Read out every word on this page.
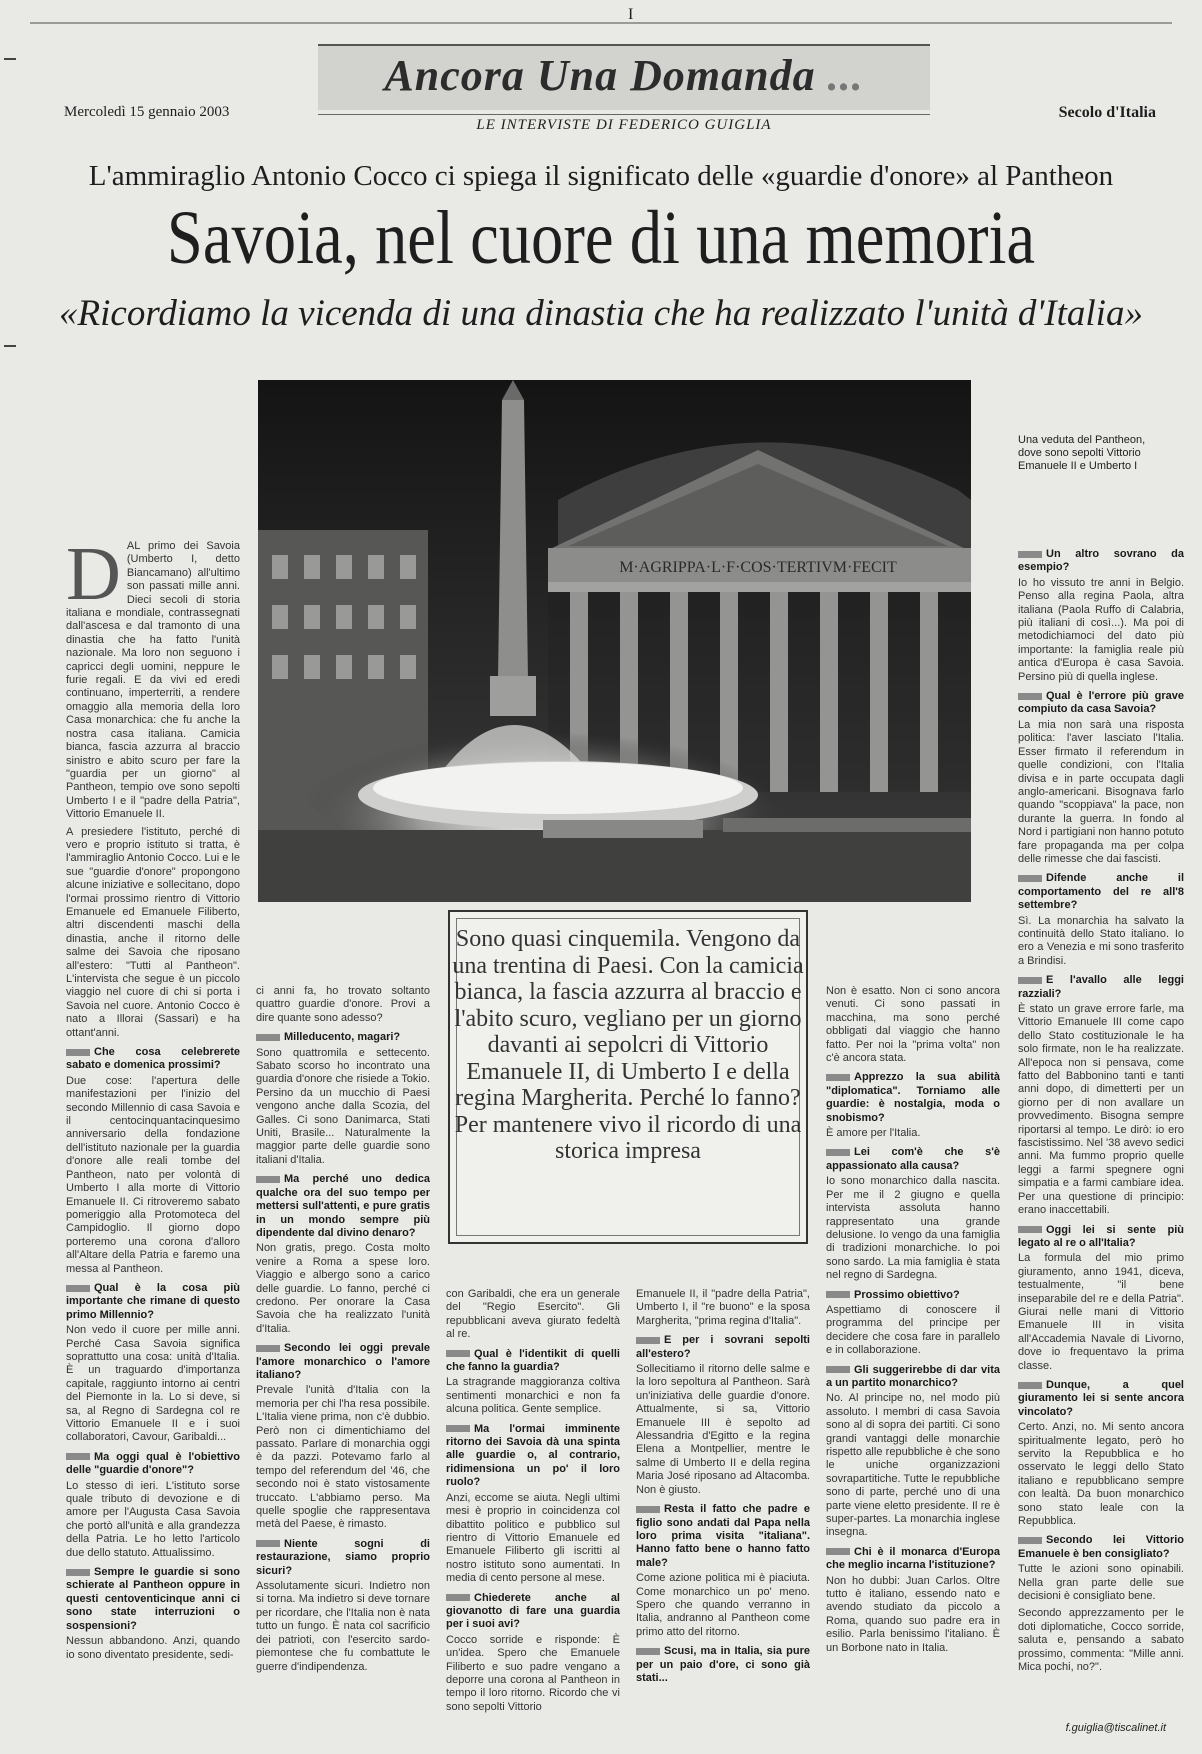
I
Ancora Una Domanda ...
LE INTERVISTE DI FEDERICO GUIGLIA
Mercoledì 15 gennaio 2003	Secolo d'Italia
L'ammiraglio Antonio Cocco ci spiega il significato delle «guardie d'onore» al Pantheon
Savoia, nel cuore di una memoria
«Ricordiamo la vicenda di una dinastia che ha realizzato l'unità d'Italia»
M·AGRIPPA·L·F·COS·TERTIVM·FECIT
Una veduta del Pantheon, dove sono sepolti Vittorio Emanuele II e Umberto I

DAL primo dei Savoia (Umberto I, detto Biancamano) all'ultimo son passati mille anni. Dieci secoli di storia italiana e mondiale, contrassegnati dall'ascesa e dal tramonto di una dinastia che ha fatto l'unità nazionale. Ma loro non seguono i capricci degli uomini, neppure le furie regali. E da vivi ed eredi continuano, imperterriti, a rendere omaggio alla memoria della loro Casa monarchica: che fu anche la nostra casa italiana. Camicia bianca, fascia azzurra al braccio sinistro e abito scuro per fare la "guardia per un giorno" al Pantheon, tempio ove sono sepolti Umberto I e il "padre della Patria", Vittorio Emanuele II.

A presiedere l'istituto, perché di vero e proprio istituto si tratta, è l'ammiraglio Antonio Cocco. Lui e le sue "guardie d'onore" propongono alcune iniziative e sollecitano, dopo l'ormai prossimo rientro di Vittorio Emanuele ed Emanuele Filiberto, altri discendenti maschi della dinastia, anche il ritorno delle salme dei Savoia che riposano all'estero: "Tutti al Pantheon". L'intervista che segue è un piccolo viaggio nel cuore di chi si porta i Savoia nel cuore. Antonio Cocco è nato a Illorai (Sassari) e ha ottant'anni.

Che cosa celebrerete sabato e domenica prossimi?

Due cose: l'apertura delle manifestazioni per l'inizio del secondo Millennio di casa Savoia e il centocinquantacinquesimo anniversario della fondazione dell'istituto nazionale per la guardia d'onore alle reali tombe del Pantheon, nato per volontà di Umberto I alla morte di Vittorio Emanuele II. Ci ritroveremo sabato pomeriggio alla Protomoteca del Campidoglio. Il giorno dopo porteremo una corona d'alloro all'Altare della Patria e faremo una messa al Pantheon.

Qual è la cosa più importante che rimane di questo primo Millennio?

Non vedo il cuore per mille anni. Perché Casa Savoia significa soprattutto una cosa: unità d'Italia. È un traguardo d'importanza capitale, raggiunto intorno ai centri del Piemonte in la. Lo si deve, si sa, al Regno di Sardegna col re Vittorio Emanuele II e i suoi collaboratori, Cavour, Garibaldi...

Ma oggi qual è l'obiettivo delle "guardie d'onore"?

Lo stesso di ieri. L'istituto sorse quale tributo di devozione e di amore per l'Augusta Casa Savoia che portò all'unità e alla grandezza della Patria. Le ho letto l'articolo due dello statuto. Attualissimo.

Sempre le guardie si sono schierate al Pantheon oppure in questi centoventicinque anni ci sono state interruzioni o sospensioni?

Nessun abbandono. Anzi, quando io sono diventato presidente, sedi-

ci anni fa, ho trovato soltanto quattro guardie d'onore. Provi a dire quante sono adesso?

Milleducento, magari?

Sono quattromila e settecento. Sabato scorso ho incontrato una guardia d'onore che risiede a Tokio. Persino da un mucchio di Paesi vengono anche dalla Scozia, del Galles. Ci sono Danimarca, Stati Uniti, Brasile... Naturalmente la maggior parte delle guardie sono italiani d'Italia.

Ma perché uno dedica qualche ora del suo tempo per mettersi sull'attenti, e pure gratis in un mondo sempre più dipendente dal divino denaro?

Non gratis, prego. Costa molto venire a Roma a spese loro. Viaggio e albergo sono a carico delle guardie. Lo fanno, perché ci credono. Per onorare la Casa Savoia che ha realizzato l'unità d'Italia.

Secondo lei oggi prevale l'amore monarchico o l'amore italiano?

Prevale l'unità d'Italia con la memoria per chi l'ha resa possibile. L'Italia viene prima, non c'è dubbio. Però non ci dimentichiamo del passato. Parlare di monarchia oggi è da pazzi. Potevamo farlo al tempo del referendum del '46, che secondo noi è stato vistosamente truccato. L'abbiamo perso. Ma quelle spoglie che rappresentava metà del Paese, è rimasto.

Niente sogni di restaurazione, siamo proprio sicuri?

Assolutamente sicuri. Indietro non si torna. Ma indietro si deve tornare per ricordare, che l'Italia non è nata tutto un fungo. È nata col sacrificio dei patrioti, con l'esercito sardo-piemontese che fu combattute le guerre d'indipendenza.

con Garibaldi, che era un generale del "Regio Esercito". Gli repubblicani aveva giurato fedeltà al re.

Qual è l'identikit di quelli che fanno la guardia?

La stragrande maggioranza coltiva sentimenti monarchici e non fa alcuna politica. Gente semplice.

Ma l'ormai imminente ritorno dei Savoia dà una spinta alle guardie o, al contrario, ridimensiona un po' il loro ruolo?

Anzi, eccome se aiuta. Negli ultimi mesi è proprio in coincidenza col dibattito politico e pubblico sul rientro di Vittorio Emanuele ed Emanuele Filiberto gli iscritti al nostro istituto sono aumentati. In media di cento persone al mese.

Chiederete anche al giovanotto di fare una guardia per i suoi avi?

Cocco sorride e risponde: È un'idea. Spero che Emanuele Filiberto e suo padre vengano a deporre una corona al Pantheon in tempo il loro ritorno. Ricordo che vi sono sepolti Vittorio

Emanuele II, il "padre della Patria", Umberto I, il "re buono" e la sposa Margherita, "prima regina d'Italia".

E per i sovrani sepolti all'estero?

Sollecitiamo il ritorno delle salme e la loro sepoltura al Pantheon. Sarà un'iniziativa delle guardie d'onore. Attualmente, si sa, Vittorio Emanuele III è sepolto ad Alessandria d'Egitto e la regina Elena a Montpellier, mentre le salme di Umberto II e della regina Maria José riposano ad Altacomba. Non è giusto.

Resta il fatto che padre e figlio sono andati dal Papa nella loro prima visita "italiana". Hanno fatto bene o hanno fatto male?

Come azione politica mi è piaciuta. Come monarchico un po' meno. Spero che quando verranno in Italia, andranno al Pantheon come primo atto del ritorno.

Scusi, ma in Italia, sia pure per un paio d'ore, ci sono già stati...

Non è esatto. Non ci sono ancora venuti. Ci sono passati in macchina, ma sono perché obbligati dal viaggio che hanno fatto. Per noi la "prima volta" non c'è ancora stata.

Apprezzo la sua abilità "diplomatica". Torniamo alle guardie: è nostalgia, moda o snobismo?

È amore per l'Italia.

Lei com'è che s'è appassionato alla causa?

Io sono monarchico dalla nascita. Per me il 2 giugno e quella intervista assoluta hanno rappresentato una grande delusione. Io vengo da una famiglia di tradizioni monarchiche. Io poi sono sardo. La mia famiglia è stata nel regno di Sardegna.

Prossimo obiettivo?

Aspettiamo di conoscere il programma del principe per decidere che cosa fare in parallelo e in collaborazione.

Gli suggerirebbe di dar vita a un partito monarchico?

No. Al principe no, nel modo più assoluto. I membri di casa Savoia sono al di sopra dei partiti. Ci sono grandi vantaggi delle monarchie rispetto alle repubbliche è che sono le uniche organizzazioni sovrapartitiche. Tutte le repubbliche sono di parte, perché uno di una parte viene eletto presidente. Il re è super-partes. La monarchia inglese insegna.

Chi è il monarca d'Europa che meglio incarna l'istituzione?

Non ho dubbi: Juan Carlos. Oltre tutto è italiano, essendo nato e avendo studiato da piccolo a Roma, quando suo padre era in esilio. Parla benissimo l'italiano. È un Borbone nato in Italia.

Un altro sovrano da esempio?

Io ho vissuto tre anni in Belgio. Penso alla regina Paola, altra italiana (Paola Ruffo di Calabria, più italiani di così...). Ma poi di metodichiamoci del dato più importante: la famiglia reale più antica d'Europa è casa Savoia. Persino più di quella inglese.

Qual è l'errore più grave compiuto da casa Savoia?

La mia non sarà una risposta politica: l'aver lasciato l'Italia. Esser firmato il referendum in quelle condizioni, con l'Italia divisa e in parte occupata dagli anglo-americani. Bisognava farlo quando "scoppiava" la pace, non durante la guerra. In fondo al Nord i partigiani non hanno potuto fare propaganda ma per colpa delle rimesse che dai fascisti.

Difende anche il comportamento del re all'8 settembre?

Sì. La monarchia ha salvato la continuità dello Stato italiano. Io ero a Venezia e mi sono trasferito a Brindisi.

E l'avallo alle leggi razziali?

È stato un grave errore farle, ma Vittorio Emanuele III come capo dello Stato costituzionale le ha solo firmate, non le ha realizzate. All'epoca non si pensava, come fatto del Babbonino tanti e tanti anni dopo, di dimetterti per un giorno per di non avallare un provvedimento. Bisogna sempre riportarsi al tempo. Le dirò: io ero fascistissimo. Nel '38 avevo sedici anni. Ma fummo proprio quelle leggi a farmi spegnere ogni simpatia e a farmi cambiare idea. Per una questione di principio: erano inaccettabili.

Oggi lei si sente più legato al re o all'Italia?

La formula del mio primo giuramento, anno 1941, diceva, testualmente, "il bene inseparabile del re e della Patria". Giurai nelle mani di Vittorio Emanuele III in visita all'Accademia Navale di Livorno, dove io frequentavo la prima classe.

Dunque, a quel giuramento lei si sente ancora vincolato?

Certo. Anzi, no. Mi sento ancora spiritualmente legato, però ho servito la Repubblica e ho osservato le leggi dello Stato italiano e repubblicano sempre con lealtà. Da buon monarchico sono stato leale con la Repubblica.

Secondo lei Vittorio Emanuele è ben consigliato?

Tutte le azioni sono opinabili. Nella gran parte delle sue decisioni è consigliato bene.

Secondo apprezzamento per le doti diplomatiche, Cocco sorride, saluta e, pensando a sabato prossimo, commenta: "Mille anni. Mica pochi, no?".

Sono quasi cinquemila. Vengono da una trentina di Paesi. Con la camicia bianca, la fascia azzurra al braccio e l'abito scuro, vegliano per un giorno davanti ai sepolcri di Vittorio Emanuele II, di Umberto I e della regina Margherita. Perché lo fanno? Per mantenere vivo il ricordo di una storica impresa
f.guiglia@tiscalinet.it
